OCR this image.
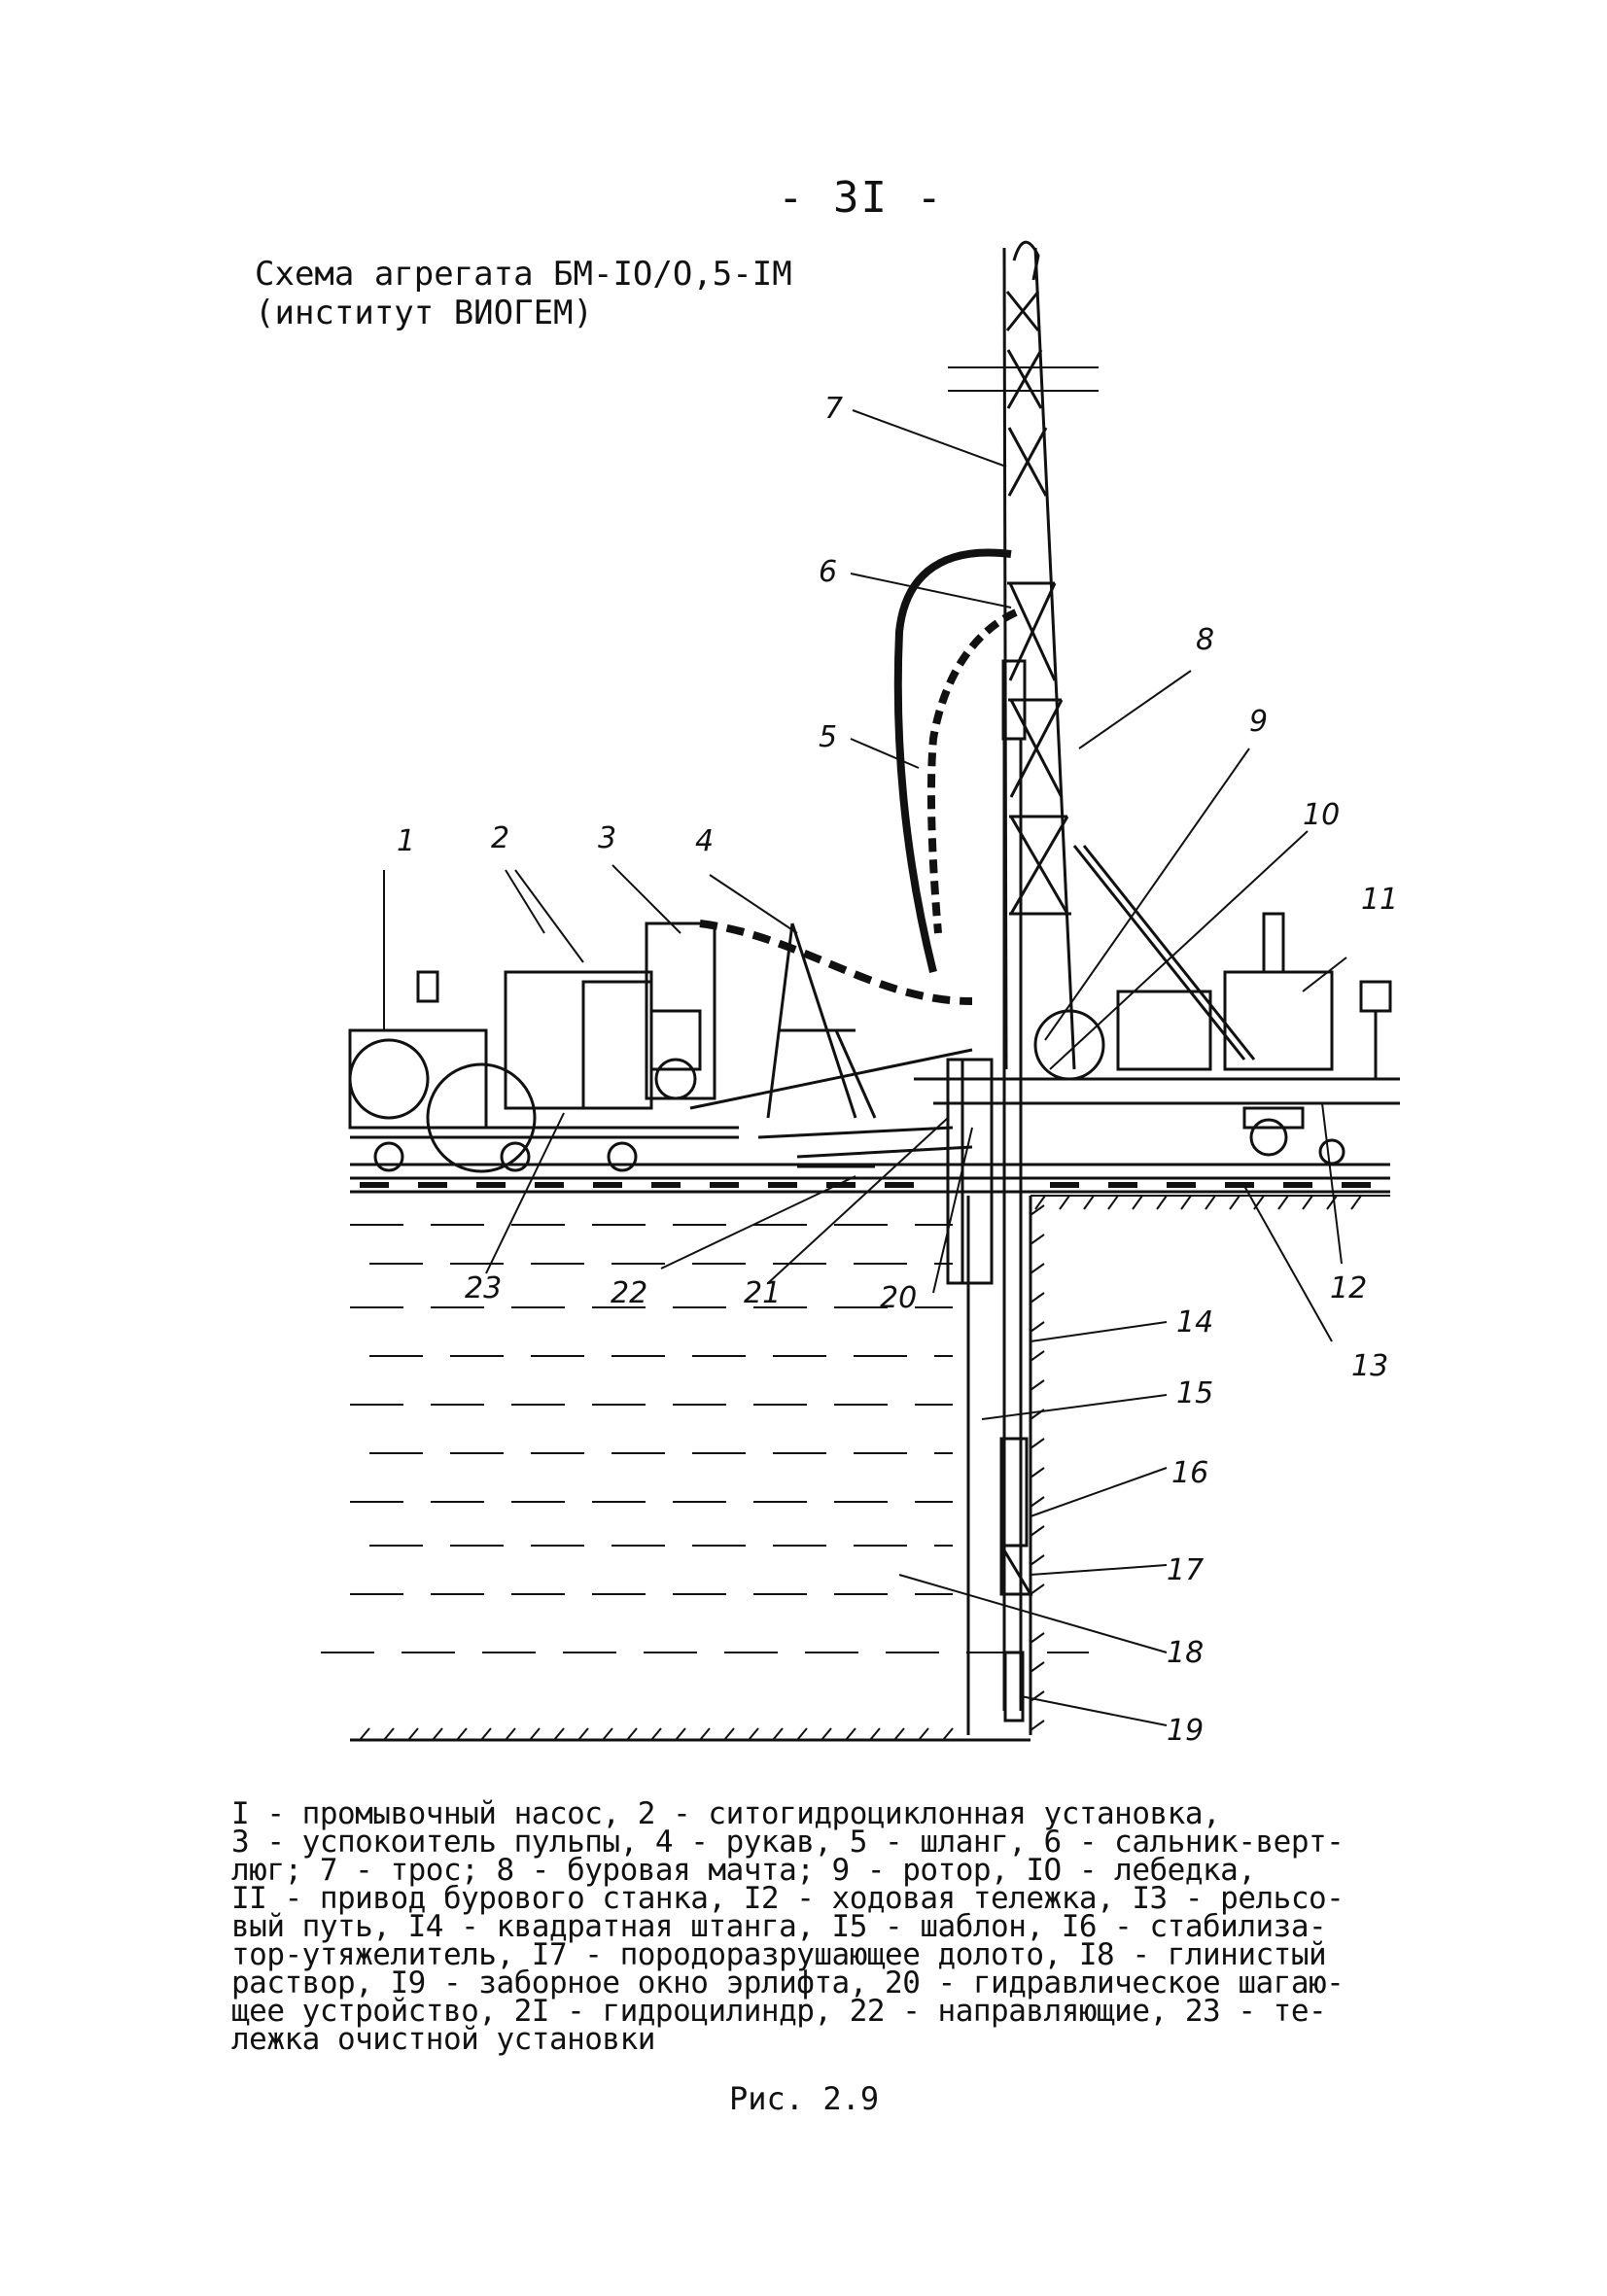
- 3I -
Схема агрегата БМ-IO/O,5-IM
(институт ВИОГЕМ)
1	2	3	4
5
6
7
8
9
10
11
12
13
14
15
16
17
18
19
20
21
22
23
I - промывочный насос, 2 - ситогидроциклонная установка,
3 - успокоитель пульпы, 4 - рукав, 5 - шланг, 6 - сальник-верт-
люг; 7 - трос; 8 - буровая мачта; 9 - ротор, IO - лебедка,
II - привод бурового станка, I2 - ходовая тележка, I3 - рельсо-
вый путь, I4 - квадратная штанга, I5 - шаблон, I6 - стабилиза-
тор-утяжелитель, I7 - породоразрушающее долото, I8 - глинистый
раствор, I9 - заборное окно эрлифта, 20 - гидравлическое шагаю-
щее устройство, 2I - гидроцилиндр, 22 - направляющие, 23 - те-
лежка очистной установки
Рис. 2.9
